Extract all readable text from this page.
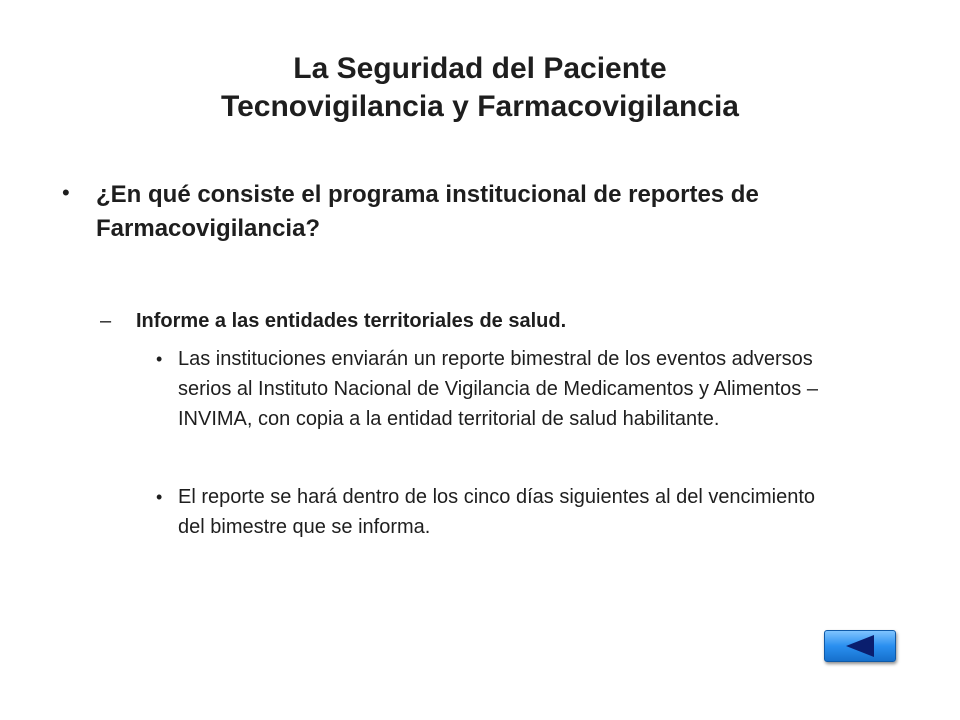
La Seguridad del Paciente
Tecnovigilancia y Farmacovigilancia
• ¿En qué consiste el programa institucional de reportes de Farmacovigilancia?
– Informe a las entidades territoriales de salud.
• Las instituciones enviarán un reporte bimestral de los eventos adversos serios al Instituto Nacional de Vigilancia de Medicamentos y Alimentos –INVIMA, con copia a la entidad territorial de salud habilitante.
• El reporte se hará dentro de los cinco días siguientes al del vencimiento del bimestre que se informa.
